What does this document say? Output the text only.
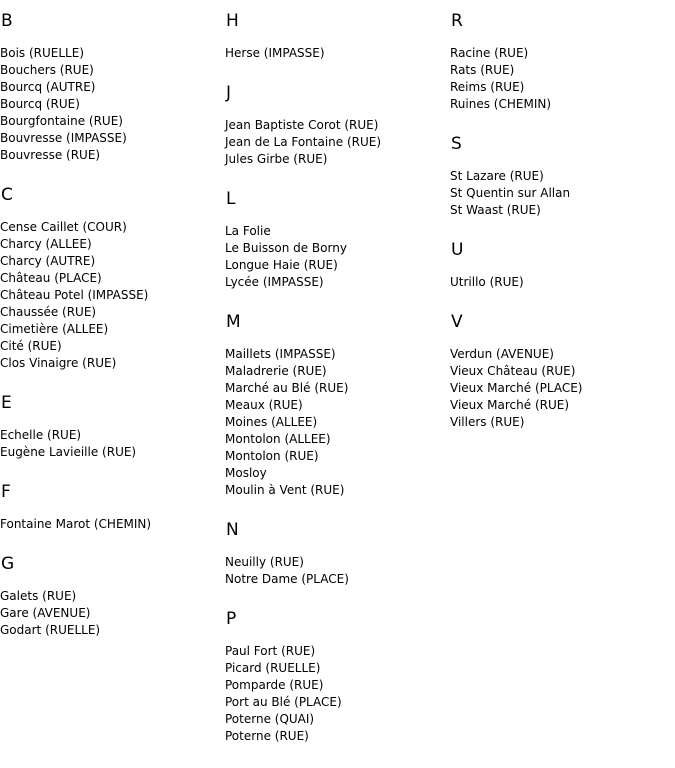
B
Bois (RUELLE)
Bouchers (RUE)
Bourcq (AUTRE)
Bourcq (RUE)
Bourgfontaine (RUE)
Bouvresse (IMPASSE)
Bouvresse (RUE)
C
Cense Caillet (COUR)
Charcy (ALLEE)
Charcy (AUTRE)
Château (PLACE)
Château Potel (IMPASSE)
Chaussée (RUE)
Cimetière (ALLEE)
Cité (RUE)
Clos Vinaigre (RUE)
E
Echelle (RUE)
Eugène Lavieille (RUE)
F
Fontaine Marot (CHEMIN)
G
Galets (RUE)
Gare (AVENUE)
Godart (RUELLE)
H
Herse (IMPASSE)
J
Jean Baptiste Corot (RUE)
Jean de La Fontaine (RUE)
Jules Girbe (RUE)
L
La Folie
Le Buisson de Borny
Longue Haie (RUE)
Lycée (IMPASSE)
M
Maillets (IMPASSE)
Maladrerie (RUE)
Marché au Blé (RUE)
Meaux (RUE)
Moines (ALLEE)
Montolon (ALLEE)
Montolon (RUE)
Mosloy
Moulin à Vent (RUE)
N
Neuilly (RUE)
Notre Dame (PLACE)
P
Paul Fort (RUE)
Picard (RUELLE)
Pomparde (RUE)
Port au Blé (PLACE)
Poterne (QUAI)
Poterne (RUE)
R
Racine (RUE)
Rats (RUE)
Reims (RUE)
Ruines (CHEMIN)
S
St Lazare (RUE)
St Quentin sur Allan
St Waast (RUE)
U
Utrillo (RUE)
V
Verdun (AVENUE)
Vieux Château (RUE)
Vieux Marché (PLACE)
Vieux Marché (RUE)
Villers (RUE)
